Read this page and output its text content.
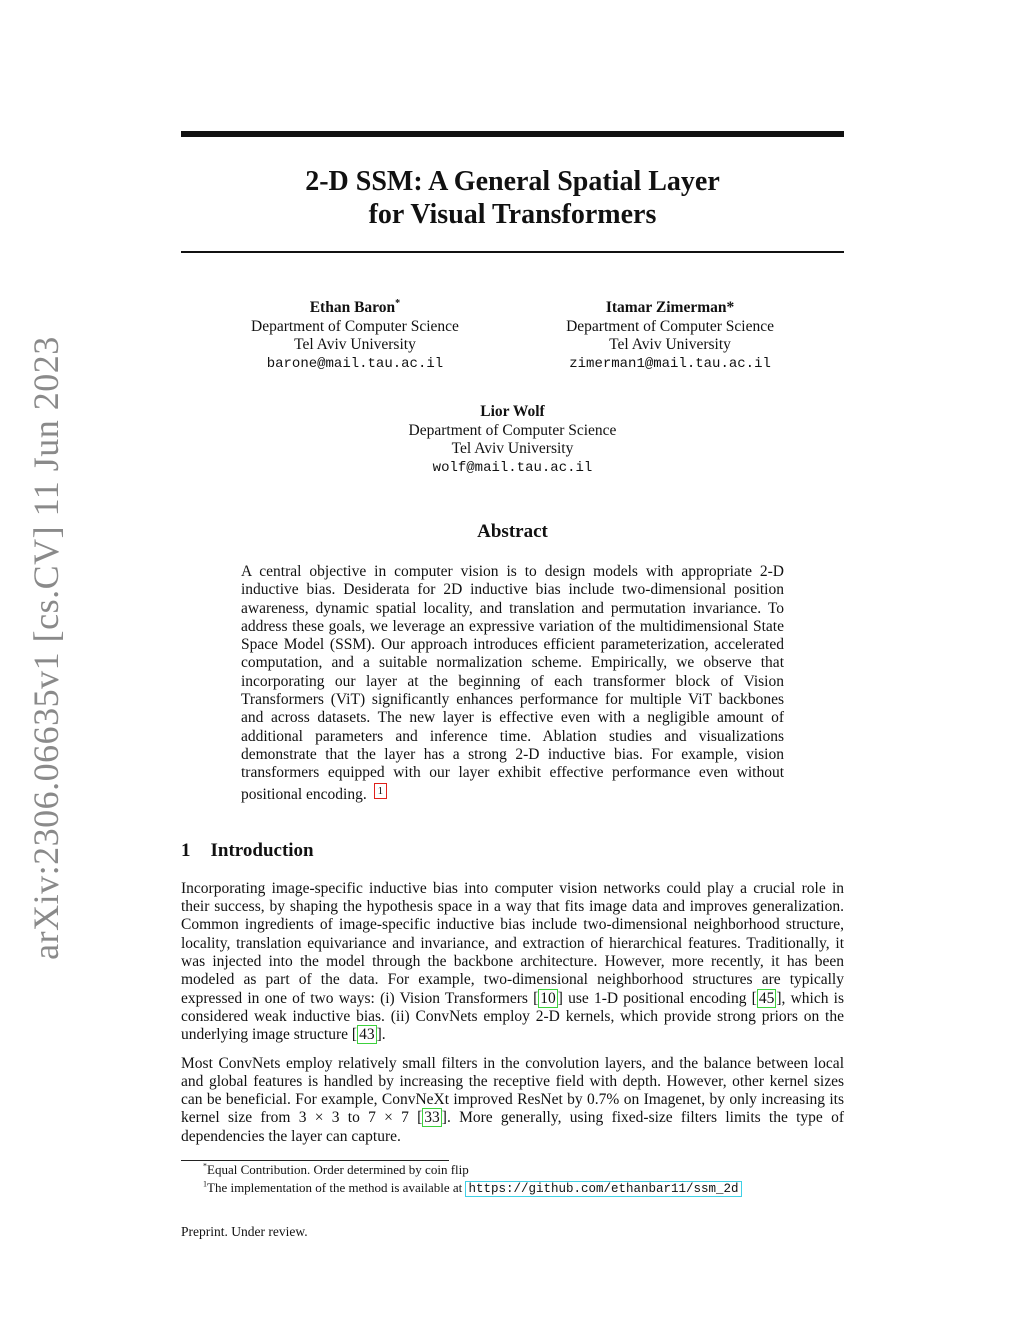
arXiv:2306.06635v1 [cs.CV] 11 Jun 2023
2-D SSM: A General Spatial Layer
for Visual Transformers
Ethan Baron*
Department of Computer Science
Tel Aviv University
barone@mail.tau.ac.il
Itamar Zimerman*
Department of Computer Science
Tel Aviv University
zimerman1@mail.tau.ac.il
Lior Wolf
Department of Computer Science
Tel Aviv University
wolf@mail.tau.ac.il
Abstract
A central objective in computer vision is to design models with appropriate 2-D inductive bias. Desiderata for 2D inductive bias include two-dimensional position awareness, dynamic spatial locality, and translation and permutation invariance. To address these goals, we leverage an expressive variation of the multidimensional State Space Model (SSM). Our approach introduces efficient parameterization, accelerated computation, and a suitable normalization scheme. Empirically, we observe that incorporating our layer at the beginning of each transformer block of Vision Transformers (ViT) significantly enhances performance for multiple ViT backbones and across datasets. The new layer is effective even with a negligible amount of additional parameters and inference time. Ablation studies and visualizations demonstrate that the layer has a strong 2-D inductive bias. For example, vision transformers equipped with our layer exhibit effective performance even without positional encoding. 1
1 Introduction

Incorporating image-specific inductive bias into computer vision networks could play a crucial role in their success, by shaping the hypothesis space in a way that fits image data and improves generalization. Common ingredients of image-specific inductive bias include two-dimensional neighborhood structure, locality, translation equivariance and invariance, and extraction of hierarchical features. Traditionally, it was injected into the model through the backbone architecture. However, more recently, it has been modeled as part of the data. For example, two-dimensional neighborhood structures are typically expressed in one of two ways: (i) Vision Transformers [ 10 ] use 1-D positional encoding [ 45 ], which is considered weak inductive bias. (ii) ConvNets employ 2-D kernels, which provide strong priors on the underlying image structure [ 43 ].

Most ConvNets employ relatively small filters in the convolution layers, and the balance between local and global features is handled by increasing the receptive field with depth. However, other kernel sizes can be beneficial. For example, ConvNeXt improved ResNet by 0.7% on Imagenet, by only increasing its kernel size from 3 × 3 to 7 × 7 [ 33 ]. More generally, using fixed-size filters limits the type of dependencies the layer can capture.

*Equal Contribution. Order determined by coin flip
$^1$The implementation of the method is available at https://github.com/ethanbar11/ssm_2d
Preprint. Under review.
